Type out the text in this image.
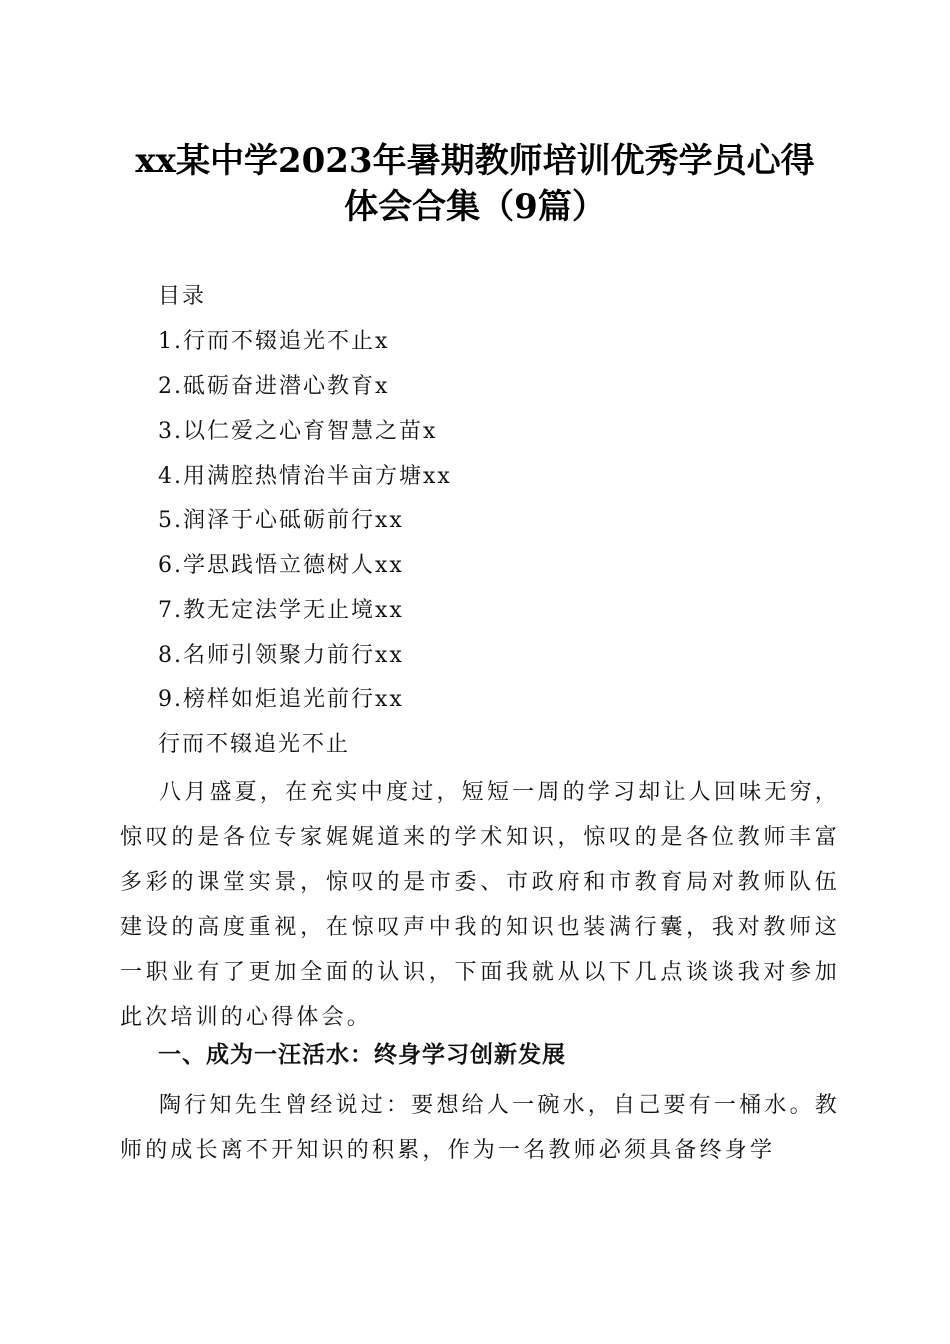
xx某中学2023年暑期教师培训优秀学员心得
体会合集（9篇）
目录
1.行而不辍追光不止x
2.砥砺奋进潜心教育x
3.以仁爱之心育智慧之苗x
4.用满腔热情治半亩方塘xx
5.润泽于心砥砺前行xx
6.学思践悟立德树人xx
7.教无定法学无止境xx
8.名师引领聚力前行xx
9.榜样如炬追光前行xx
行而不辍追光不止
八月盛夏，在充实中度过，短短一周的学习却让人回味无穷，惊叹的是各位专家娓娓道来的学术知识，惊叹的是各位教师丰富多彩的课堂实景，惊叹的是市委、市政府和市教育局对教师队伍建设的高度重视，在惊叹声中我的知识也装满行囊，我对教师这一职业有了更加全面的认识，下面我就从以下几点谈谈我对参加此次培训的心得体会。
一、成为一汪活水：终身学习创新发展
陶行知先生曾经说过：要想给人一碗水，自己要有一桶水。教师的成长离不开知识的积累，作为一名教师必须具备终身学
